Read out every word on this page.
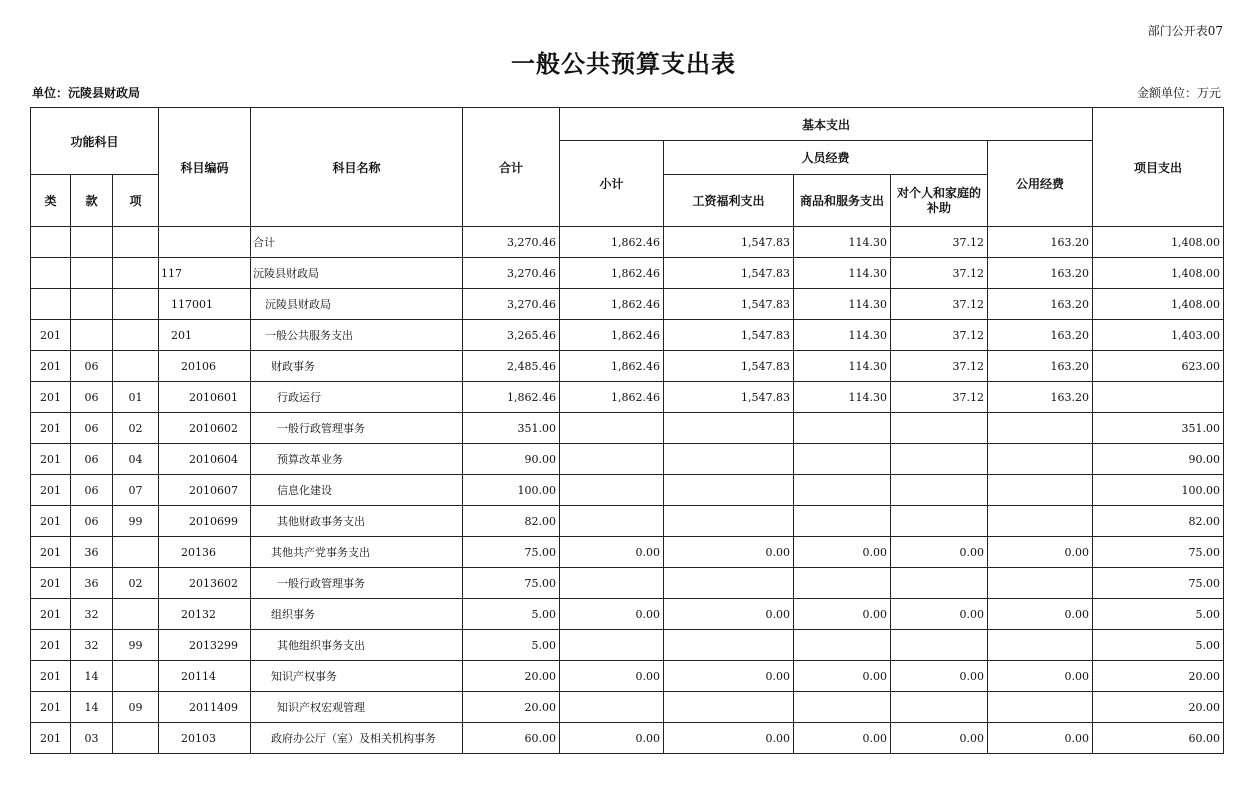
部门公开表07
一般公共预算支出表
单位：沅陵县财政局	金额单位：万元
功能科目			科目编码	科目名称	合计	基本支出					项目支出
						小计	人员经费			公用经费	
类	款	项					工资福利支出	商品和服务支出	对个人和家庭的补助		
				合计	3,270.46	1,862.46	1,547.83	114.30	37.12	163.20	1,408.00
			117	沅陵县财政局	3,270.46	1,862.46	1,547.83	114.30	37.12	163.20	1,408.00
			117001	沅陵县财政局	3,270.46	1,862.46	1,547.83	114.30	37.12	163.20	1,408.00
201			201	一般公共服务支出	3,265.46	1,862.46	1,547.83	114.30	37.12	163.20	1,403.00
201	06		20106	财政事务	2,485.46	1,862.46	1,547.83	114.30	37.12	163.20	623.00
201	06	01	2010601	行政运行	1,862.46	1,862.46	1,547.83	114.30	37.12	163.20	
201	06	02	2010602	一般行政管理事务	351.00						351.00
201	06	04	2010604	预算改革业务	90.00						90.00
201	06	07	2010607	信息化建设	100.00						100.00
201	06	99	2010699	其他财政事务支出	82.00						82.00
201	36		20136	其他共产党事务支出	75.00	0.00	0.00	0.00	0.00	0.00	75.00
201	36	02	2013602	一般行政管理事务	75.00						75.00
201	32		20132	组织事务	5.00	0.00	0.00	0.00	0.00	0.00	5.00
201	32	99	2013299	其他组织事务支出	5.00						5.00
201	14		20114	知识产权事务	20.00	0.00	0.00	0.00	0.00	0.00	20.00
201	14	09	2011409	知识产权宏观管理	20.00						20.00
201	03		20103	政府办公厅（室）及相关机构事务	60.00	0.00	0.00	0.00	0.00	0.00	60.00
